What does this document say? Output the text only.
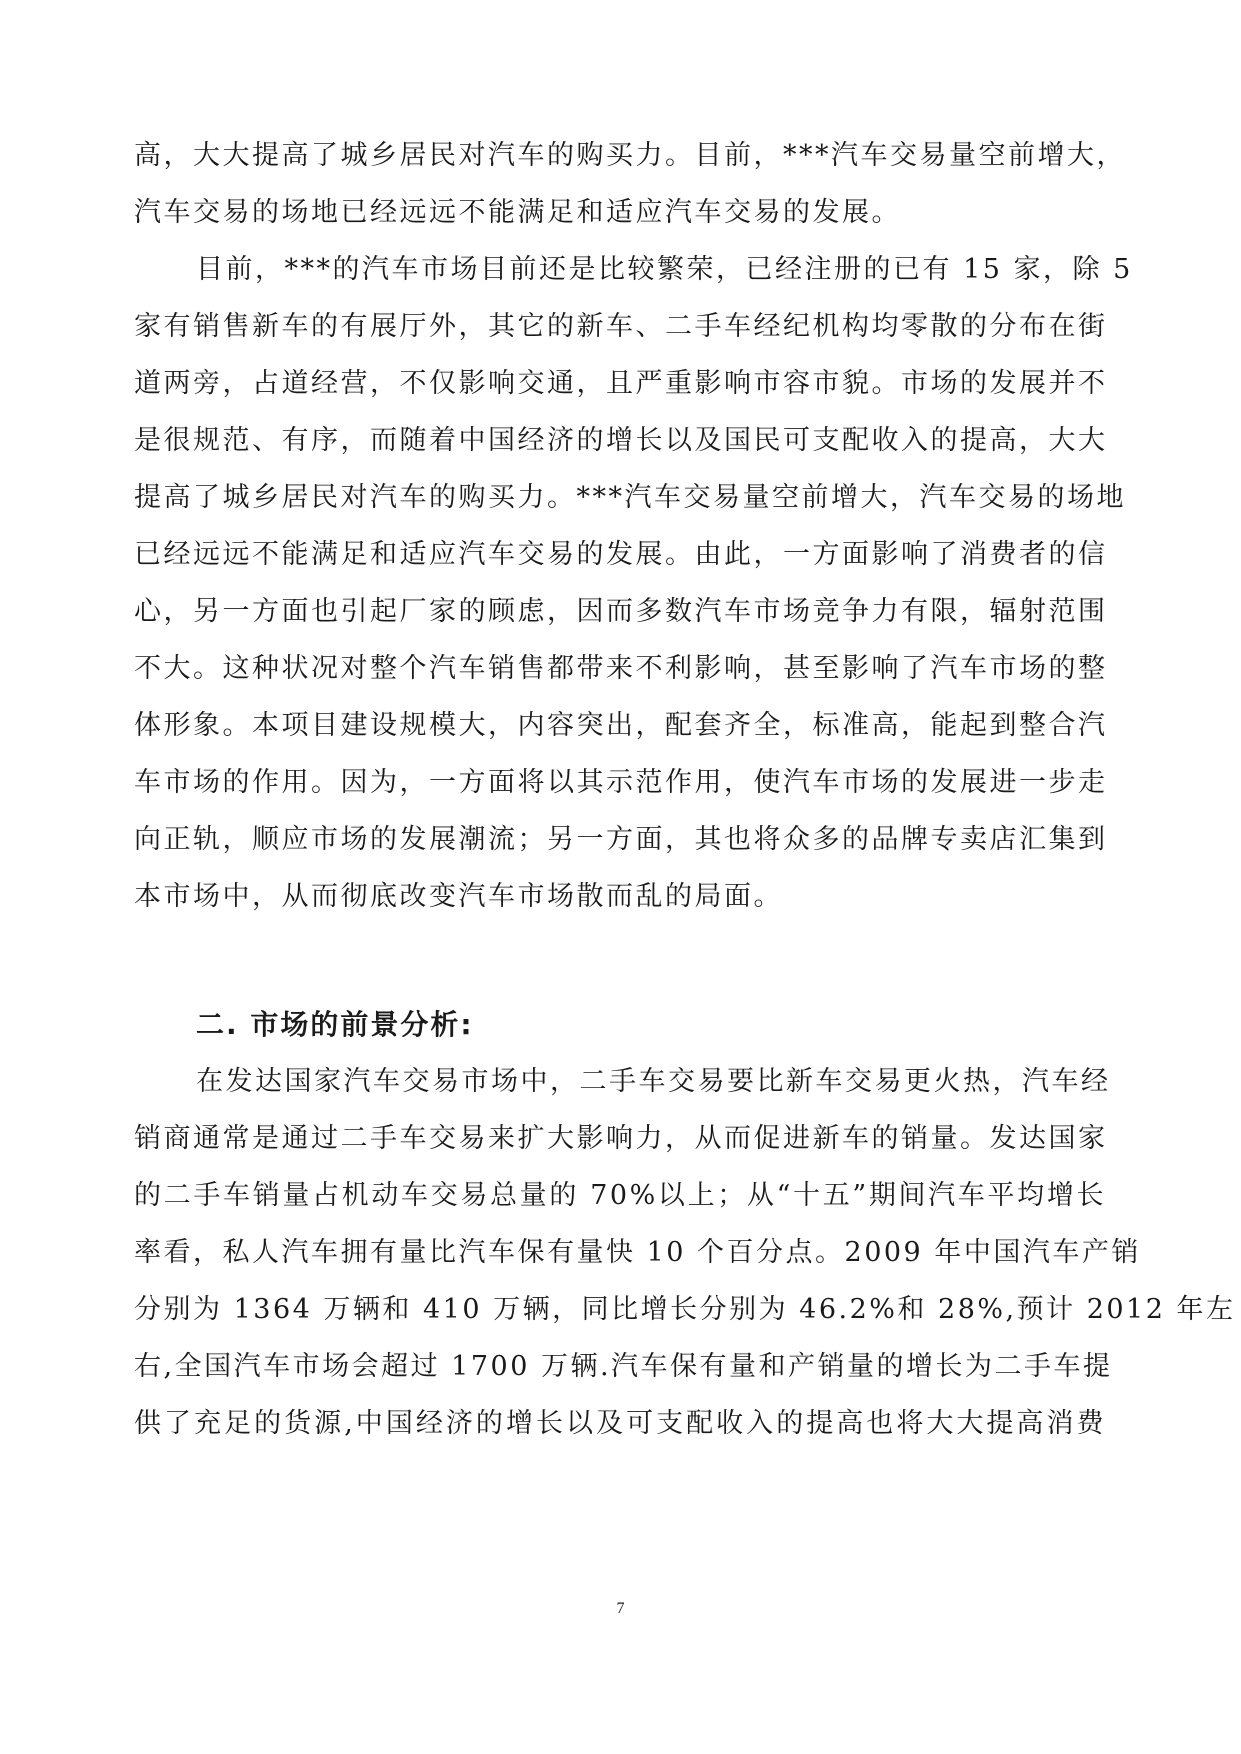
高，大大提高了城乡居民对汽车的购买力。目前，***汽车交易量空前增大，
汽车交易的场地已经远远不能满足和适应汽车交易的发展。
目前，***的汽车市场目前还是比较繁荣，已经注册的已有 15 家，除 5
家有销售新车的有展厅外，其它的新车、二手车经纪机构均零散的分布在街
道两旁，占道经营，不仅影响交通，且严重影响市容市貌。市场的发展并不
是很规范、有序，而随着中国经济的增长以及国民可支配收入的提高，大大
提高了城乡居民对汽车的购买力。***汽车交易量空前增大，汽车交易的场地
已经远远不能满足和适应汽车交易的发展。由此，一方面影响了消费者的信
心，另一方面也引起厂家的顾虑，因而多数汽车市场竞争力有限，辐射范围
不大。这种状况对整个汽车销售都带来不利影响，甚至影响了汽车市场的整
体形象。本项目建设规模大，内容突出，配套齐全，标准高，能起到整合汽
车市场的作用。因为，一方面将以其示范作用，使汽车市场的发展进一步走
向正轨，顺应市场的发展潮流；另一方面，其也将众多的品牌专卖店汇集到
本市场中，从而彻底改变汽车市场散而乱的局面。
二. 市场的前景分析:
在发达国家汽车交易市场中，二手车交易要比新车交易更火热，汽车经
销商通常是通过二手车交易来扩大影响力，从而促进新车的销量。发达国家
的二手车销量占机动车交易总量的 70%以上；从“十五”期间汽车平均增长
率看，私人汽车拥有量比汽车保有量快 10 个百分点。2009 年中国汽车产销
分别为 1364 万辆和 410 万辆，同比增长分别为 46.2%和 28%,预计 2012 年左
右,全国汽车市场会超过 1700 万辆.汽车保有量和产销量的增长为二手车提
供了充足的货源,中国经济的增长以及可支配收入的提高也将大大提高消费
7
